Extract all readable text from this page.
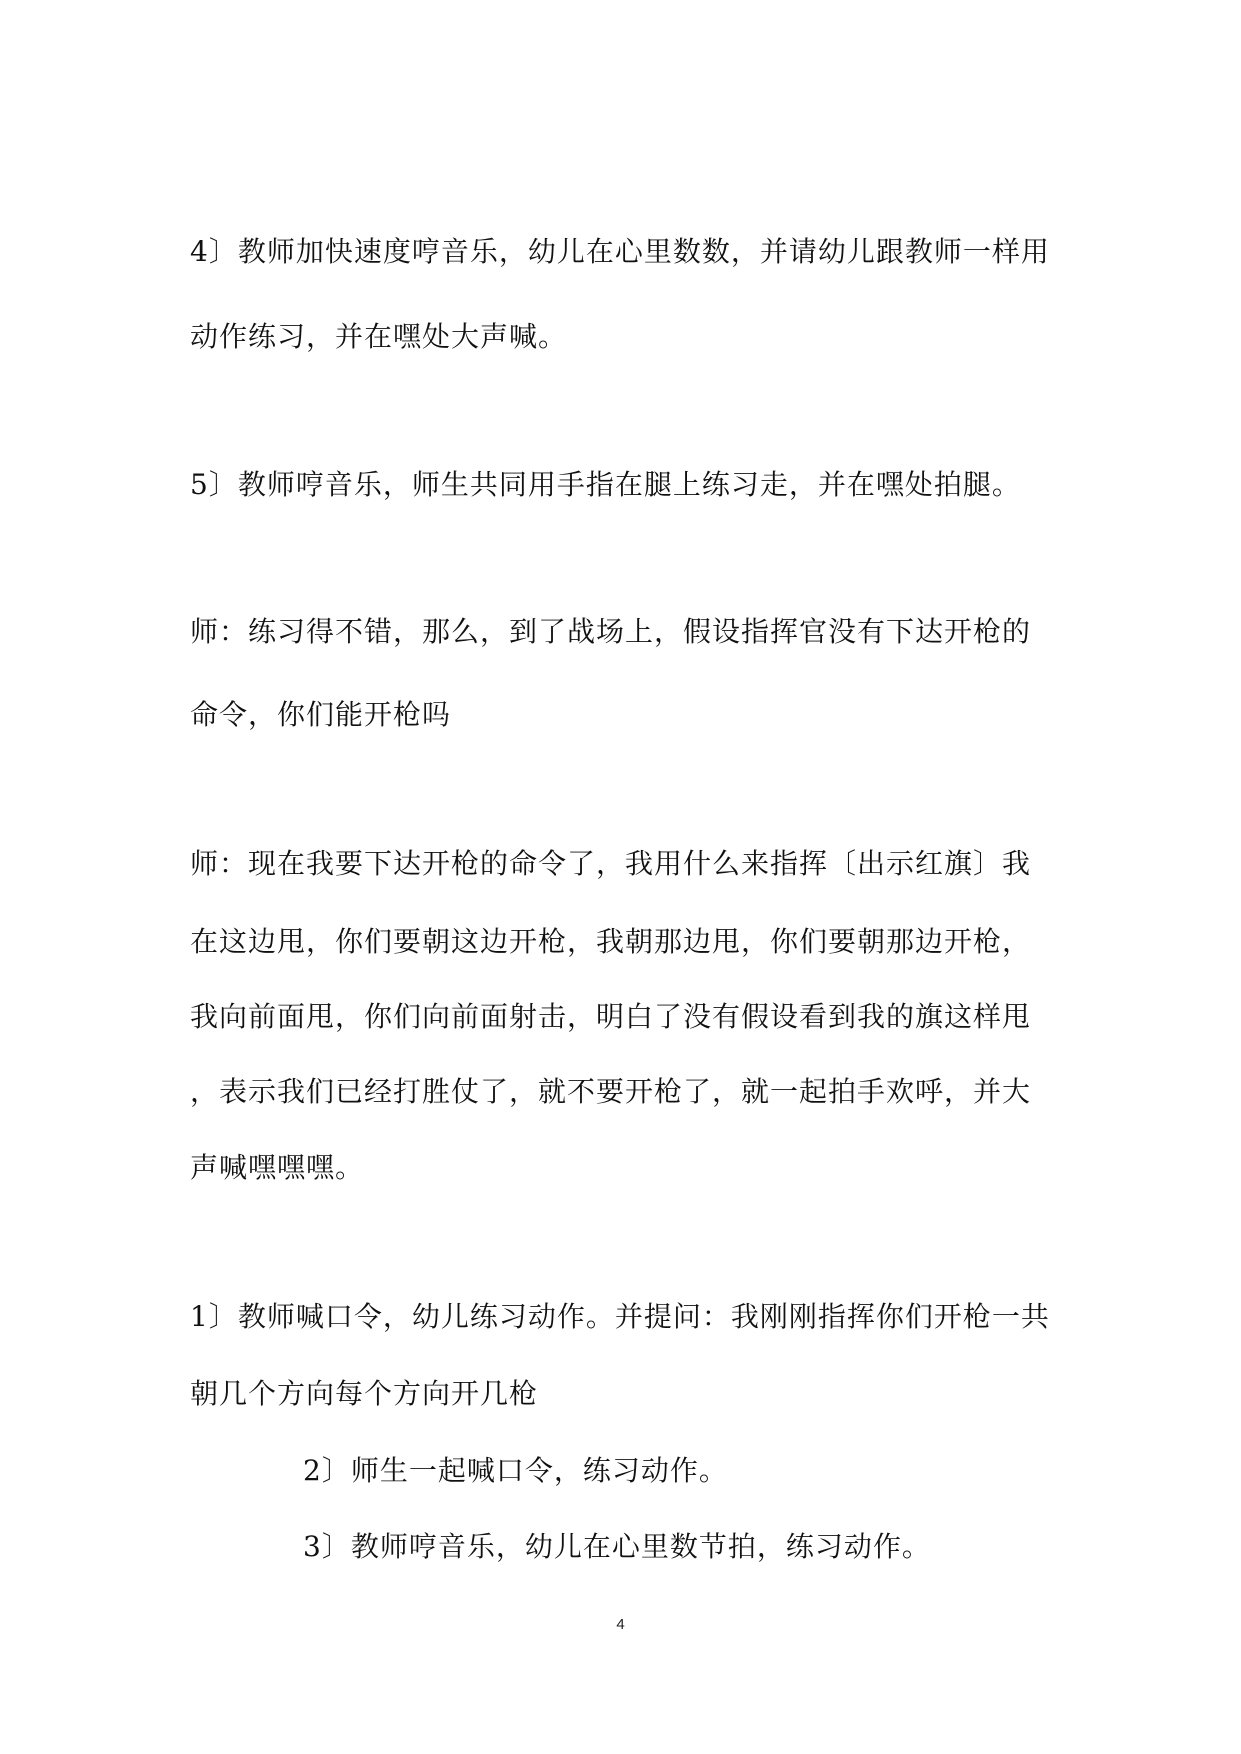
4〕教师加快速度哼音乐，幼儿在心里数数，并请幼儿跟教师一样用
动作练习，并在嘿处大声喊。
5〕教师哼音乐，师生共同用手指在腿上练习走，并在嘿处拍腿。
师：练习得不错，那么，到了战场上，假设指挥官没有下达开枪的
命令，你们能开枪吗
师：现在我要下达开枪的命令了，我用什么来指挥〔出示红旗〕我
在这边甩，你们要朝这边开枪，我朝那边甩，你们要朝那边开枪，
我向前面甩，你们向前面射击，明白了没有假设看到我的旗这样甩
，表示我们已经打胜仗了，就不要开枪了，就一起拍手欢呼，并大
声喊嘿嘿嘿。
1〕教师喊口令，幼儿练习动作。并提问：我刚刚指挥你们开枪一共
朝几个方向每个方向开几枪
2〕师生一起喊口令，练习动作。
3〕教师哼音乐，幼儿在心里数节拍，练习动作。
4
